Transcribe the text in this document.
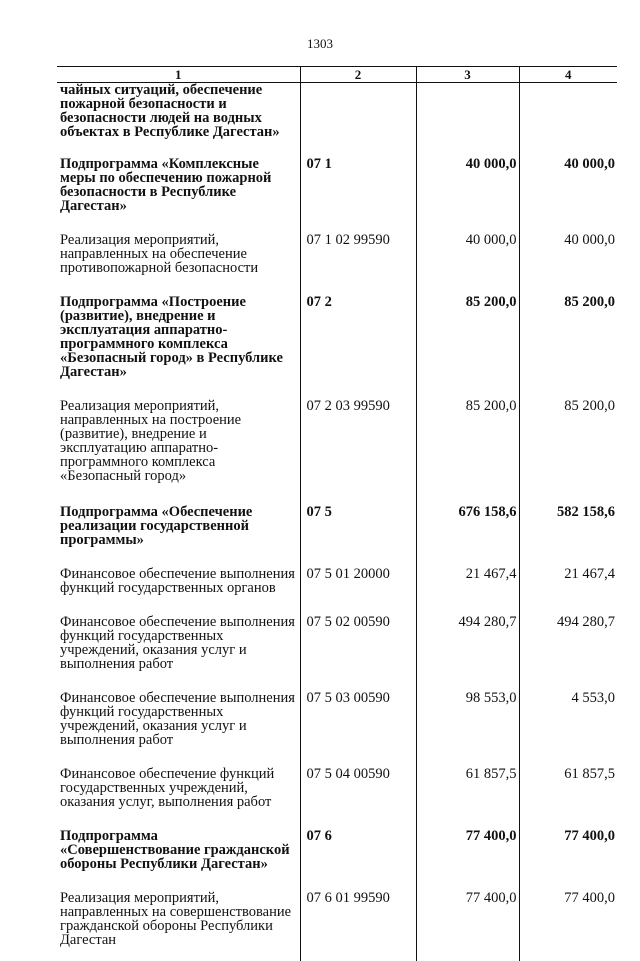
1303
1	2	3	4
чайных ситуаций, обеспечение пожарной безопасности и безопасности людей на водных объектах в Республике Дагестан»			
Подпрограмма «Комплексные меры по обеспечению пожарной безопасности в Республике Дагестан»	07 1	40 000,0	40 000,0
Реализация мероприятий, направленных на обеспечение противопожарной безопасности	07 1 02 99590	40 000,0	40 000,0
Подпрограмма «Построение (развитие), внедрение и эксплуатация аппаратно-программного комплекса «Безопасный город» в Республике Дагестан»	07 2	85 200,0	85 200,0
Реализация мероприятий, направленных на построение (развитие), внедрение и эксплуатацию аппаратно-программного комплекса «Безопасный город»	07 2 03 99590	85 200,0	85 200,0
Подпрограмма «Обеспечение реализации государственной программы»	07 5	676 158,6	582 158,6
Финансовое обеспечение выполнения функций государственных органов	07 5 01 20000	21 467,4	21 467,4
Финансовое обеспечение выполнения функций государственных учреждений, оказания услуг и выполнения работ	07 5 02 00590	494 280,7	494 280,7
Финансовое обеспечение выполнения функций государственных учреждений, оказания услуг и выполнения работ	07 5 03 00590	98 553,0	4 553,0
Финансовое обеспечение функций государственных учреждений, оказания услуг, выполнения работ	07 5 04 00590	61 857,5	61 857,5
Подпрограмма «Совершенствование гражданской обороны Республики Дагестан»	07 6	77 400,0	77 400,0
Реализация мероприятий, направленных на совершенствование гражданской обороны Республики Дагестан	07 6 01 99590	77 400,0	77 400,0
